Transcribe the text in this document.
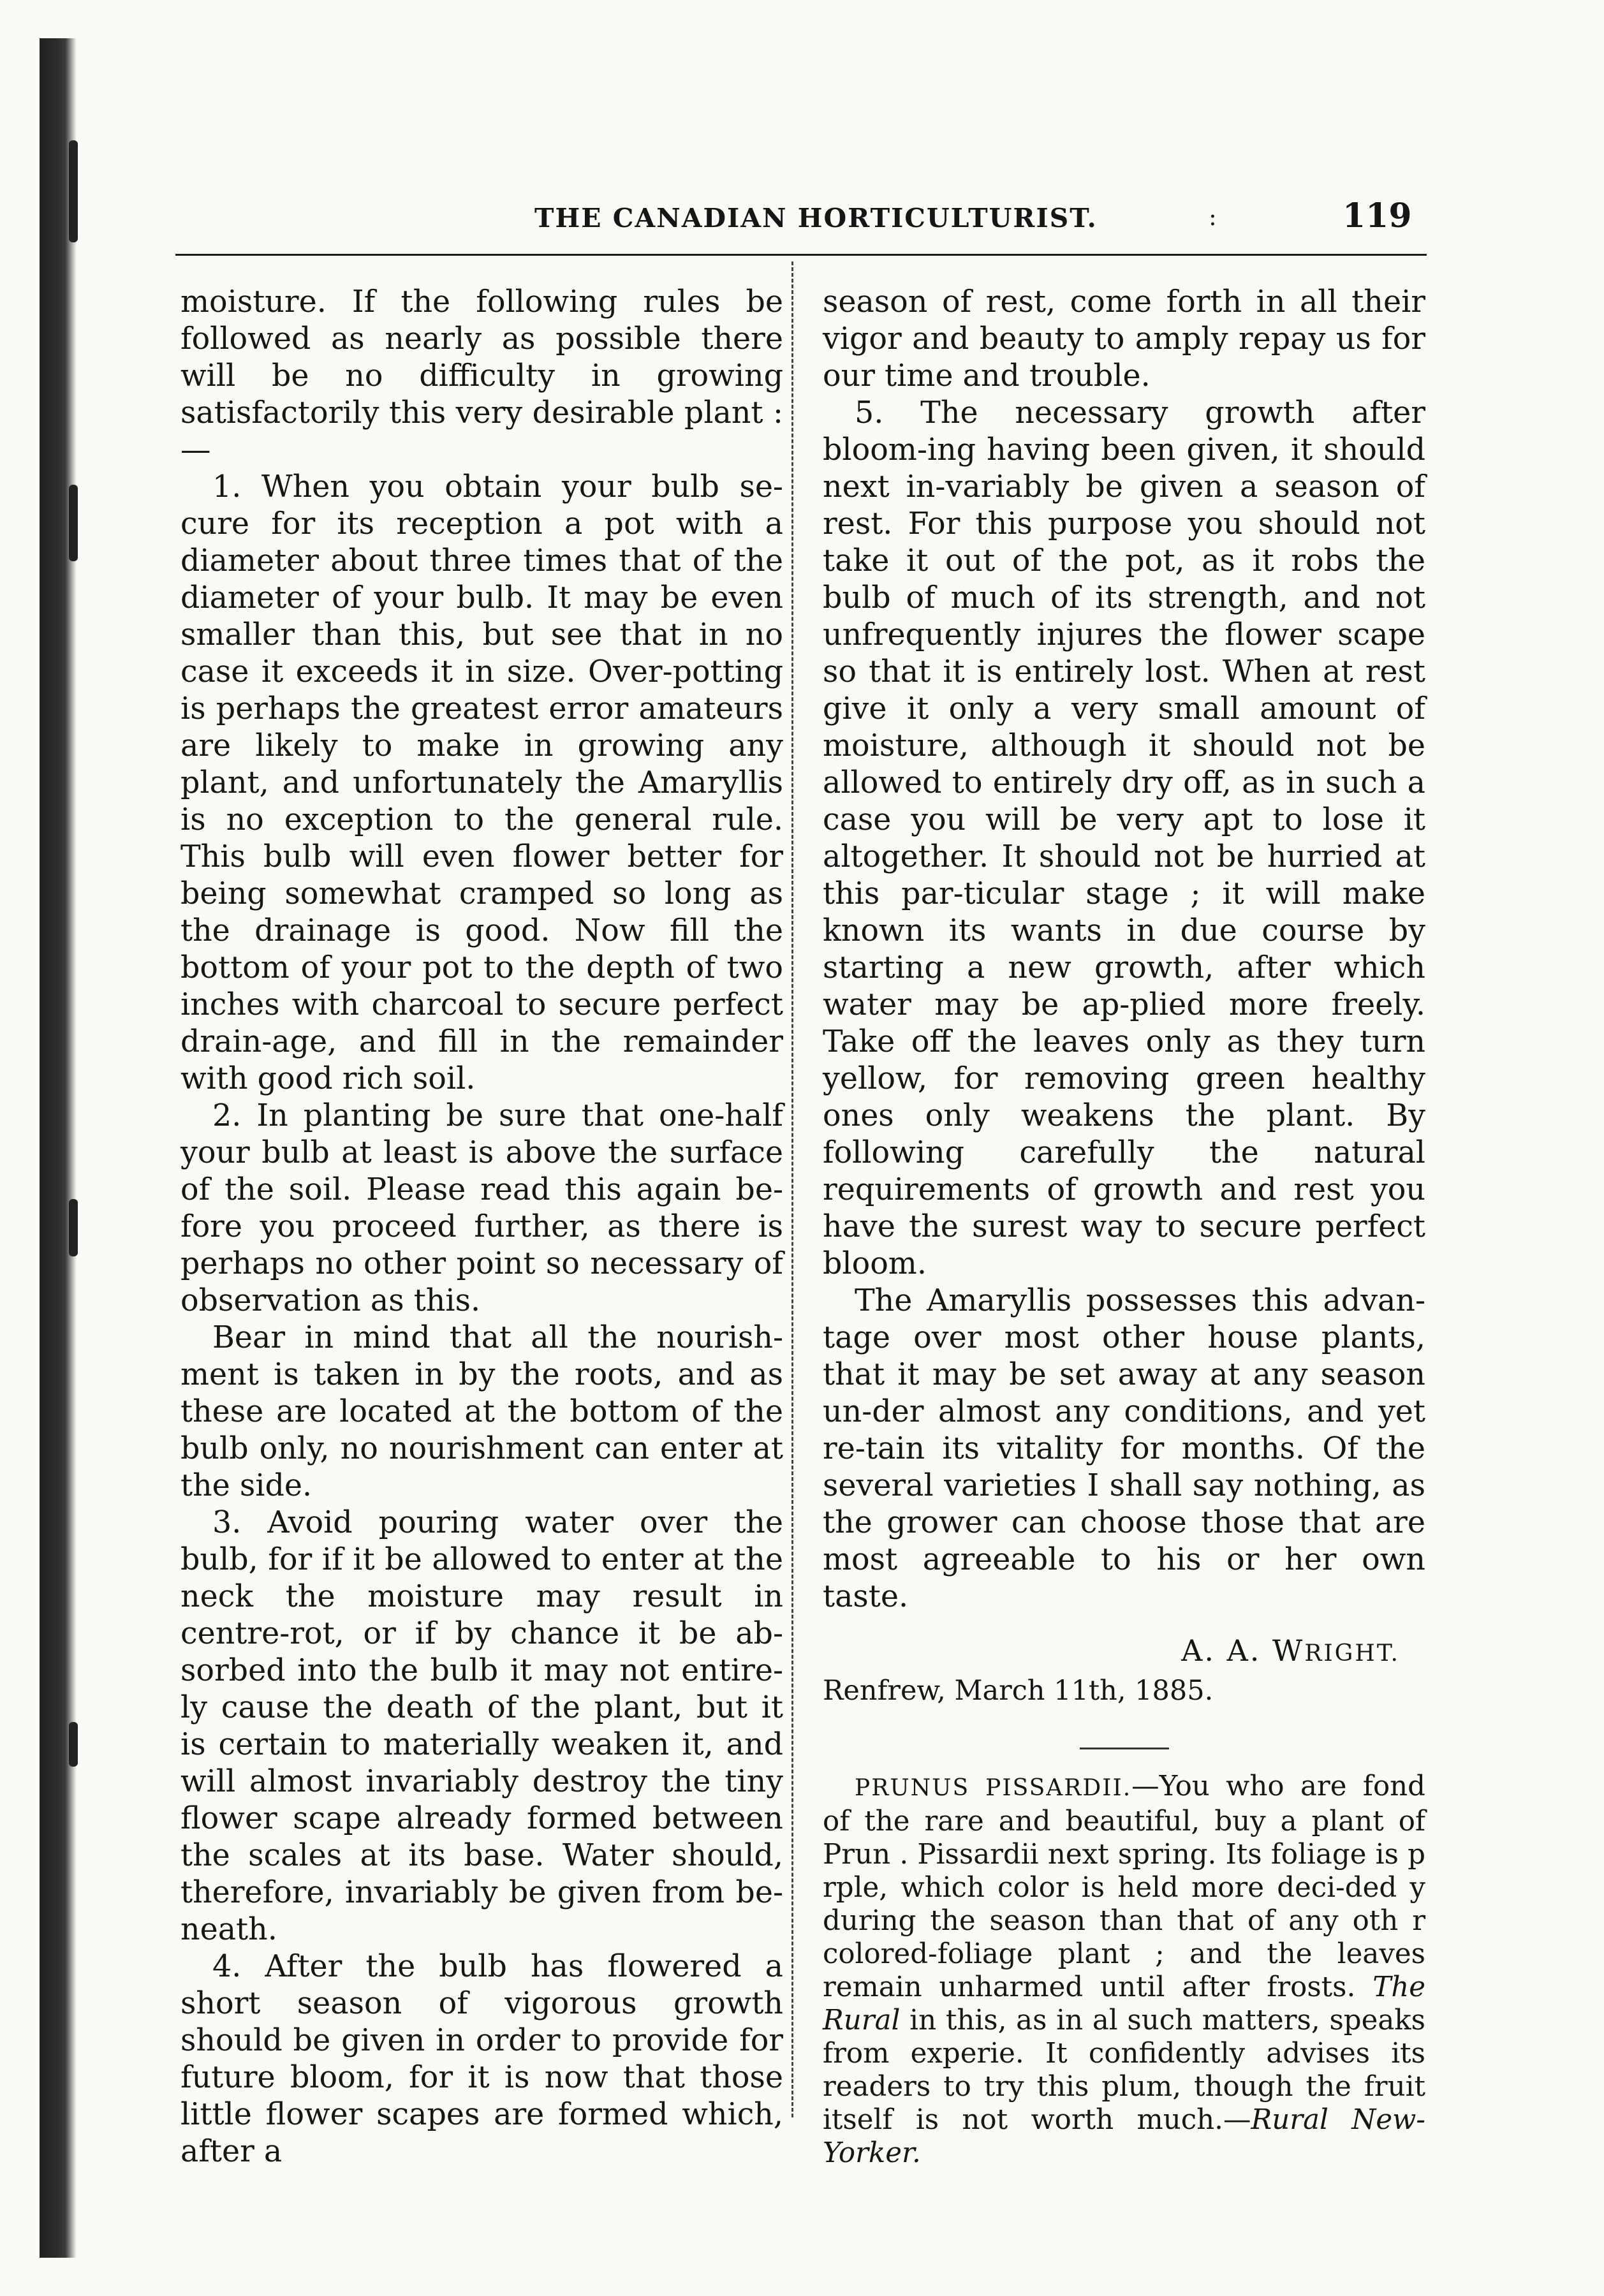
THE CANADIAN HORTICULTURIST.	:	119

moisture. If the following rules be followed as nearly as possible there will be no difficulty in growing satisfactorily this very desirable plant :—

1. When you obtain your bulb se-cure for its reception a pot with a diameter about three times that of the diameter of your bulb. It may be even smaller than this, but see that in no case it exceeds it in size. Over-potting is perhaps the greatest error amateurs are likely to make in growing any plant, and unfortunately the Amaryllis is no exception to the general rule. This bulb will even flower better for being somewhat cramped so long as the drainage is good. Now fill the bottom of your pot to the depth of two inches with charcoal to secure perfect drain-age, and fill in the remainder with good rich soil.

2. In planting be sure that one-half your bulb at least is above the surface of the soil. Please read this again be-fore you proceed further, as there is perhaps no other point so necessary of observation as this.

Bear in mind that all the nourish-ment is taken in by the roots, and as these are located at the bottom of the bulb only, no nourishment can enter at the side.

3. Avoid pouring water over the bulb, for if it be allowed to enter at the neck the moisture may result in centre-rot, or if by chance it be ab-sorbed into the bulb it may not entire-ly cause the death of the plant, but it is certain to materially weaken it, and will almost invariably destroy the tiny flower scape already formed between the scales at its base. Water should, therefore, invariably be given from be-neath.

4. After the bulb has flowered a short season of vigorous growth should be given in order to provide for future bloom, for it is now that those little flower scapes are formed which, after a

season of rest, come forth in all their vigor and beauty to amply repay us for our time and trouble.

5. The necessary growth after bloom-ing having been given, it should next in-variably be given a season of rest. For this purpose you should not take it out of the pot, as it robs the bulb of much of its strength, and not unfrequently injures the flower scape so that it is entirely lost. When at rest give it only a very small amount of moisture, although it should not be allowed to entirely dry off, as in such a case you will be very apt to lose it altogether. It should not be hurried at this par-ticular stage ; it will make known its wants in due course by starting a new growth, after which water may be ap-plied more freely. Take off the leaves only as they turn yellow, for removing green healthy ones only weakens the plant. By following carefully the natural requirements of growth and rest you have the surest way to secure perfect bloom.

The Amaryllis possesses this advan-tage over most other house plants, that it may be set away at any season un-der almost any conditions, and yet re-tain its vitality for months. Of the several varieties I shall say nothing, as the grower can choose those that are most agreeable to his or her own taste.

A. A. WRIGHT.

Renfrew, March 11th, 1885.

PRUNUS PISSARDII.—You who are fond of the rare and beautiful, buy a plant of Prun . Pissardii next spring. Its foliage is p rple, which color is held more deci-ded y during the season than that of any oth r colored-foliage plant ; and the leaves remain unharmed until after frosts. The Rural in this, as in al such matters, speaks from experie. It confidently advises its readers to try this plum, though the fruit itself is not worth much.—Rural New-Yorker.
